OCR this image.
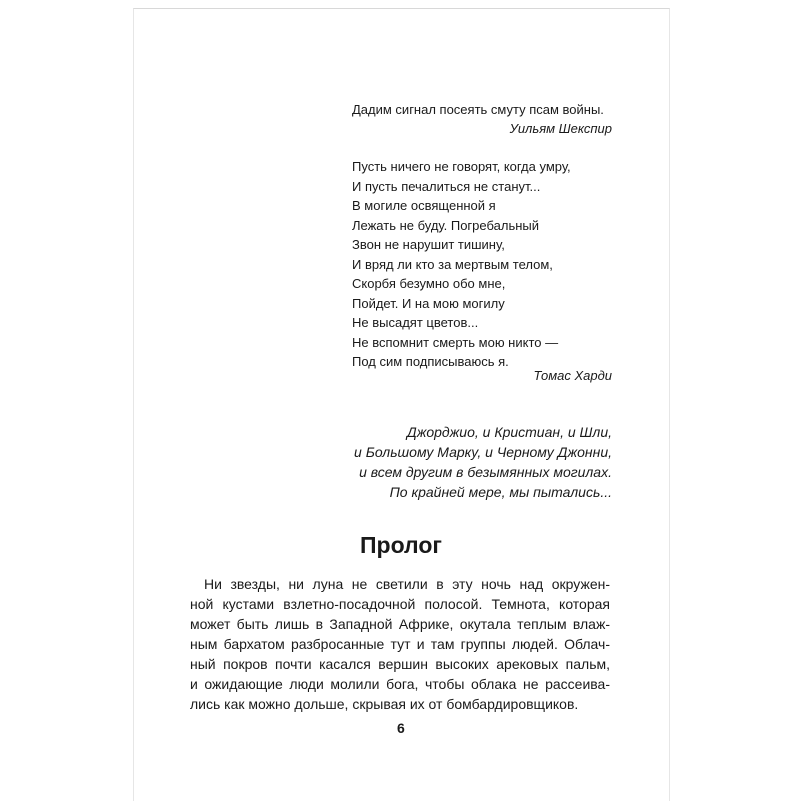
Дадим сигнал посеять смуту псам войны.
Уильям Шекспир
Пусть ничего не говорят, когда умру,
И пусть печалиться не станут...
В могиле освященной я
Лежать не буду. Погребальный
Звон не нарушит тишину,
И вряд ли кто за мертвым телом,
Скорбя безумно обо мне,
Пойдет. И на мою могилу
Не высадят цветов...
Не вспомнит смерть мою никто —
Под сим подписываюсь я.
Томас Харди
Джорджио, и Кристиан, и Шли,
и Большому Марку, и Черному Джонни,
и всем другим в безымянных могилах.
По крайней мере, мы пытались...
Пролог
Ни звезды, ни луна не светили в эту ночь над окружен-
ной кустами взлетно-посадочной полосой. Темнота, которая
может быть лишь в Западной Африке, окутала теплым влаж-
ным бархатом разбросанные тут и там группы людей. Облач-
ный покров почти касался вершин высоких арековых пальм,
и ожидающие люди молили бога, чтобы облака не рассеива-
лись как можно дольше, скрывая их от бомбардировщиков.
6
